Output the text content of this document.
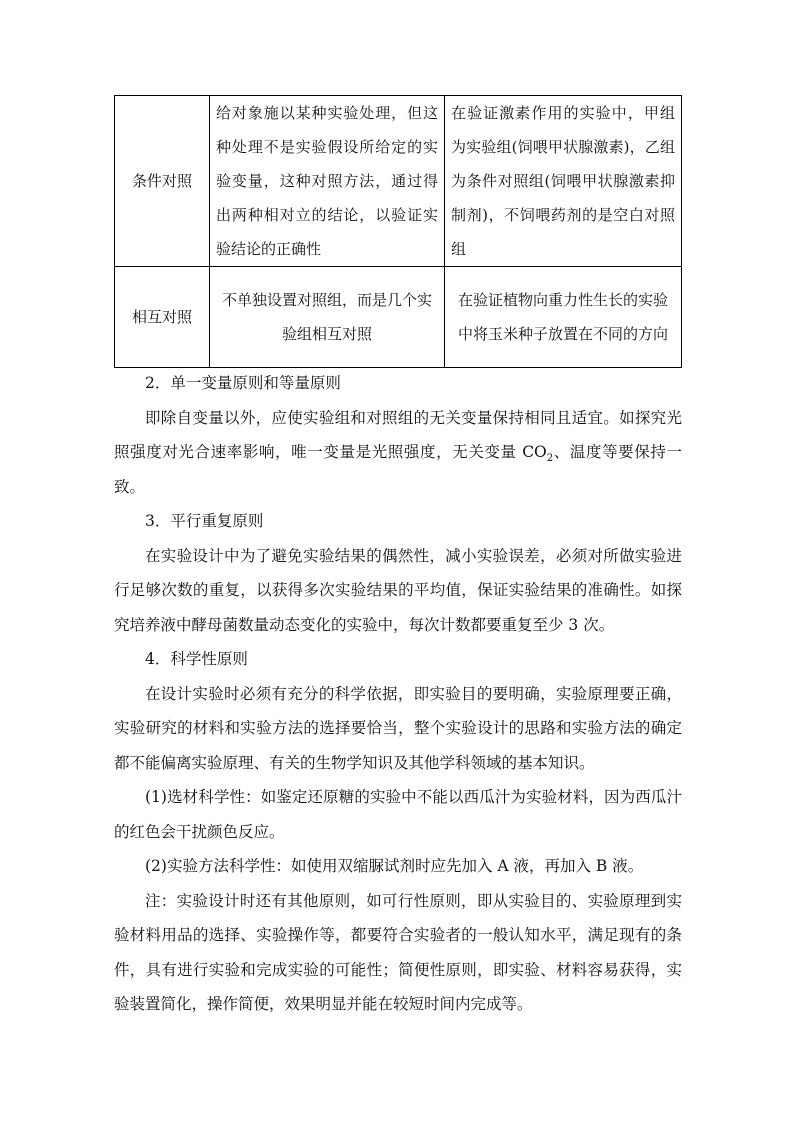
条件对照	给对象施以某种实验处理，但这种处理不是实验假设所给定的实验变量，这种对照方法，通过得出两种相对立的结论，以验证实验结论的正确性	在验证激素作用的实验中，甲组为实验组(饲喂甲状腺激素)，乙组为条件对照组(饲喂甲状腺激素抑制剂)，不饲喂药剂的是空白对照组
相互对照	不单独设置对照组，而是几个实验组相互对照	在验证植物向重力性生长的实验中将玉米种子放置在不同的方向

2．单一变量原则和等量原则

即除自变量以外，应使实验组和对照组的无关变量保持相同且适宜。如探究光照强度对光合速率影响，唯一变量是光照强度，无关变量 $CO_2$、温度等要保持一致。

3．平行重复原则

在实验设计中为了避免实验结果的偶然性，减小实验误差，必须对所做实验进行足够次数的重复，以获得多次实验结果的平均值，保证实验结果的准确性。如探究培养液中酵母菌数量动态变化的实验中，每次计数都要重复至少 3 次。

4．科学性原则

在设计实验时必须有充分的科学依据，即实验目的要明确，实验原理要正确，实验研究的材料和实验方法的选择要恰当，整个实验设计的思路和实验方法的确定都不能偏离实验原理、有关的生物学知识及其他学科领域的基本知识。

(1)选材科学性：如鉴定还原糖的实验中不能以西瓜汁为实验材料，因为西瓜汁的红色会干扰颜色反应。

(2)实验方法科学性：如使用双缩脲试剂时应先加入 A 液，再加入 B 液。

注：实验设计时还有其他原则，如可行性原则，即从实验目的、实验原理到实验材料用品的选择、实验操作等，都要符合实验者的一般认知水平，满足现有的条件，具有进行实验和完成实验的可能性；简便性原则，即实验、材料容易获得，实验装置简化，操作简便，效果明显并能在较短时间内完成等。
